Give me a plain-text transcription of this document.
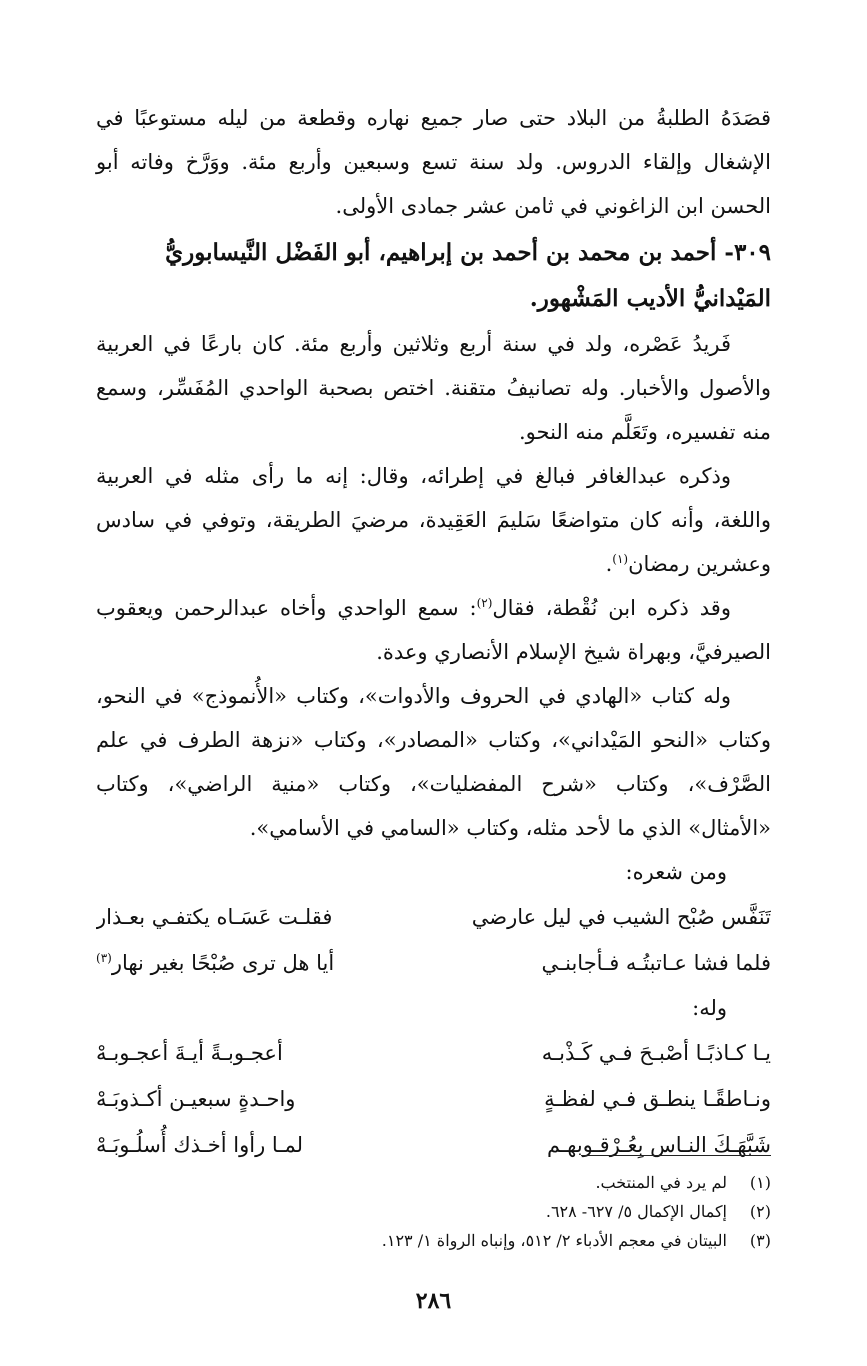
قصَدَهُ الطلبةُ من البلاد حتى صار جميع نهاره وقطعة من ليله مستوعبًا في الإشغال وإلقاء الدروس. ولد سنة تسع وسبعين وأربع مئة. ووَرَّخ وفاته أبو الحسن ابن الزاغوني في ثامن عشر جمادى الأولى.

٣٠٩- أحمد بن محمد بن أحمد بن إبراهيم، أبو الفَضْل النَّيسابوريُّ المَيْدانيُّ الأديب المَشْهور.

فَريدُ عَصْره، ولد في سنة أربع وثلاثين وأربع مئة. كان بارعًا في العربية والأصول والأخبار. وله تصانيفُ متقنة. اختص بصحبة الواحدي المُفَسِّر، وسمع منه تفسيره، وتَعَلَّم منه النحو.

وذكره عبدالغافر فبالغ في إطرائه، وقال: إنه ما رأى مثله في العربية واللغة، وأنه كان متواضعًا سَليمَ العَقِيدة، مرضيَ الطريقة، وتوفي في سادس وعشرين رمضان$^{(١)}$.

وقد ذكره ابن نُقْطة، فقال$^{(٢)}$: سمع الواحدي وأخاه عبدالرحمن ويعقوب الصيرفيَّ، وبهراة شيخ الإسلام الأنصاري وعدة.

وله كتاب «الهادي في الحروف والأدوات»، وكتاب «الأُنموذج» في النحو، وكتاب «النحو المَيْداني»، وكتاب «المصادر»، وكتاب «نزهة الطرف في علم الصَّرْف»، وكتاب «شرح المفضليات»، وكتاب «منية الراضي»، وكتاب «الأمثال» الذي ما لأحد مثله، وكتاب «السامي في الأسامي».

ومن شعره:

تَنَفَّس صُبْح الشيب في ليل عارضي
فقلـت عَسَـاه يكتفـي بعـذار
فلما فشا عـاتبتُـه فـأجابنـي
أيا هل ترى صُبْحًا بغير نهار$^{(٣)}$

وله:

يـا كـاذبًـا أصْبـحَ فـي كَـذْبـه
أعجـوبـةً أيـةَ أعجـوبـهْ
ونـاطقًـا ينطـق فـي لفظـةٍ
واحـدةٍ سبعيـن أكـذوبَـهْ
شَبَّهَـكَ النـاس بِعُـرْقـوبهـم
لمـا رأوا أخـذك أُسلُـوبَـهْ
(١)لم يرد في المنتخب.
(٢)إكمال الإكمال ٥/ ٦٢٧- ٦٢٨.
(٣)البيتان في معجم الأدباء ٢/ ٥١٢، وإنباه الرواة ١/ ١٢٣.
٢٨٦
